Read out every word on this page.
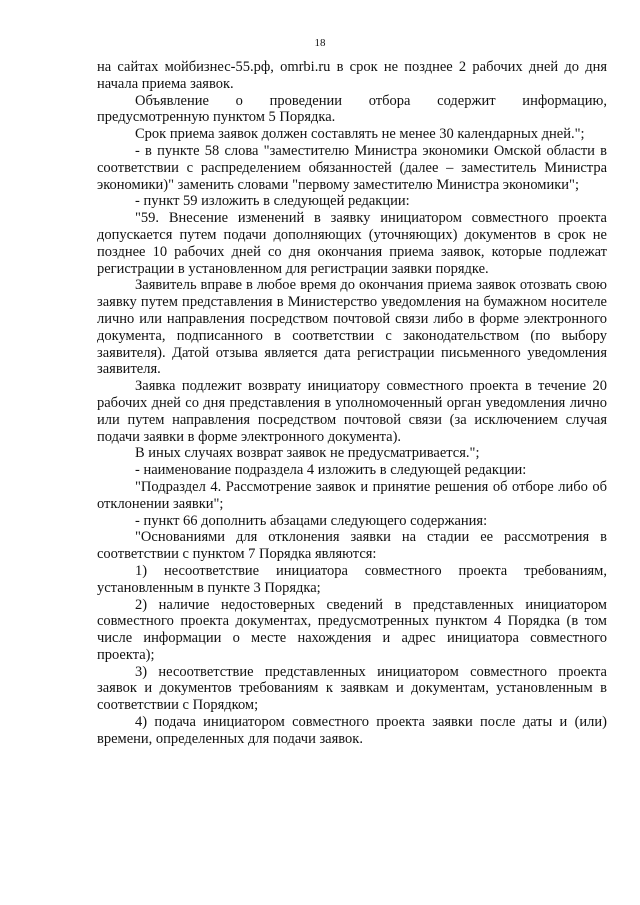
18

на сайтах мойбизнес-55.рф, omrbi.ru в срок не позднее 2 рабочих дней до дня начала приема заявок.

Объявление о проведении отбора содержит информацию, предусмотренную пунктом 5 Порядка.

Срок приема заявок должен составлять не менее 30 календарных дней.";

- в пункте 58 слова "заместителю Министра экономики Омской области в соответствии с распределением обязанностей (далее – заместитель Министра экономики)" заменить словами "первому заместителю Министра экономики";

- пункт 59 изложить в следующей редакции:

"59. Внесение изменений в заявку инициатором совместного проекта допускается путем подачи дополняющих (уточняющих) документов в срок не позднее 10 рабочих дней со дня окончания приема заявок, которые подлежат регистрации в установленном для регистрации заявки порядке.

Заявитель вправе в любое время до окончания приема заявок отозвать свою заявку путем представления в Министерство уведомления на бумажном носителе лично или направления посредством почтовой связи либо в форме электронного документа, подписанного в соответствии с законодательством (по выбору заявителя). Датой отзыва является дата регистрации письменного уведомления заявителя.

Заявка подлежит возврату инициатору совместного проекта в течение 20 рабочих дней со дня представления в уполномоченный орган уведомления лично или путем направления посредством почтовой связи (за исключением случая подачи заявки в форме электронного документа).

В иных случаях возврат заявок не предусматривается.";

- наименование подраздела 4 изложить в следующей редакции:

"Подраздел 4. Рассмотрение заявок и принятие решения об отборе либо об отклонении заявки";

- пункт 66 дополнить абзацами следующего содержания:

"Основаниями для отклонения заявки на стадии ее рассмотрения в соответствии с пунктом 7 Порядка являются:

1) несоответствие инициатора совместного проекта требованиям, установленным в пункте 3 Порядка;

2) наличие недостоверных сведений в представленных инициатором совместного проекта документах, предусмотренных пунктом 4 Порядка (в том числе информации о месте нахождения и адрес инициатора совместного проекта);

3) несоответствие представленных инициатором совместного проекта заявок и документов требованиям к заявкам и документам, установленным в соответствии с Порядком;

4) подача инициатором совместного проекта заявки после даты и (или) времени, определенных для подачи заявок.
